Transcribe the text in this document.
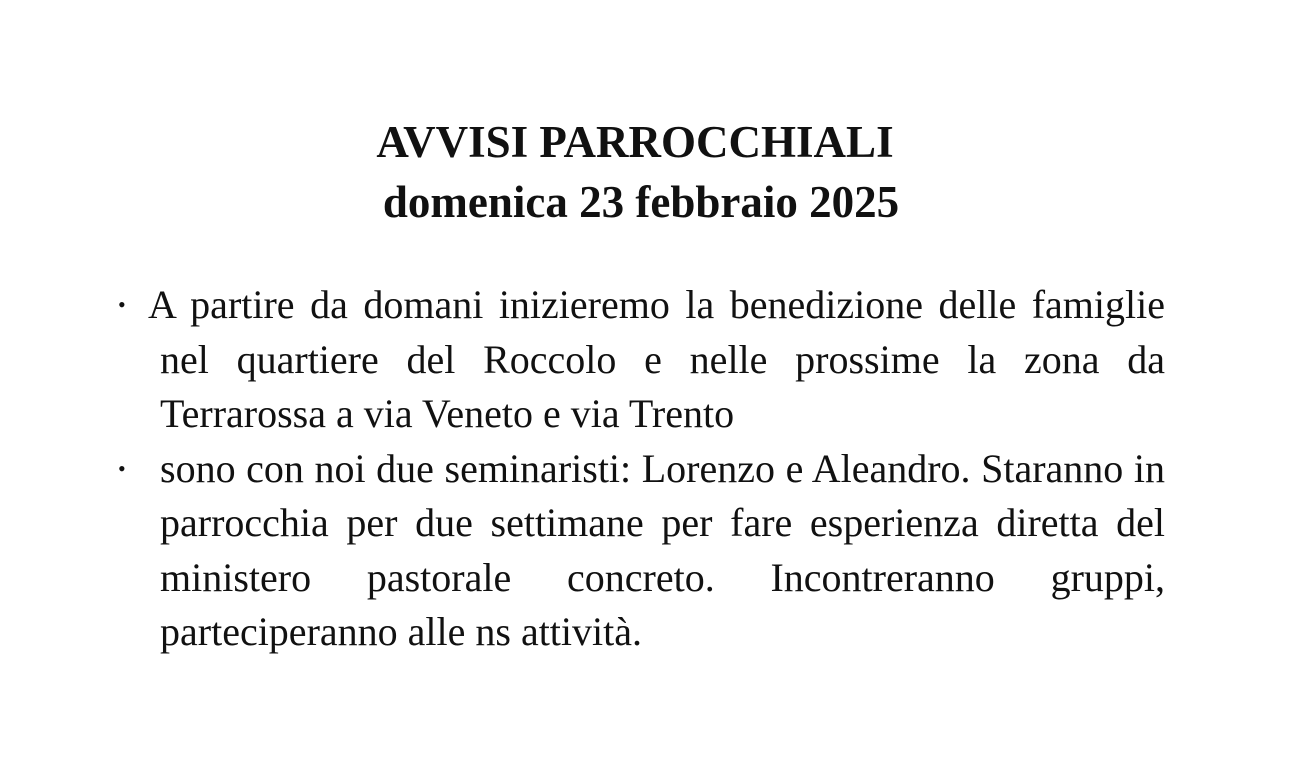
AVVISI PARROCCHIALI
domenica 23 febbraio 2025
• A partire da domani inizieremo la benedizione delle famiglie nel quartiere del Roccolo e nelle prossime la zona da Terrarossa a via Veneto e via Trento
• sono con noi due seminaristi: Lorenzo e Aleandro. Staranno in parrocchia per due settimane per fare esperienza diretta del ministero pastorale concreto. Incontreranno gruppi, parteciperanno alle ns attività.
